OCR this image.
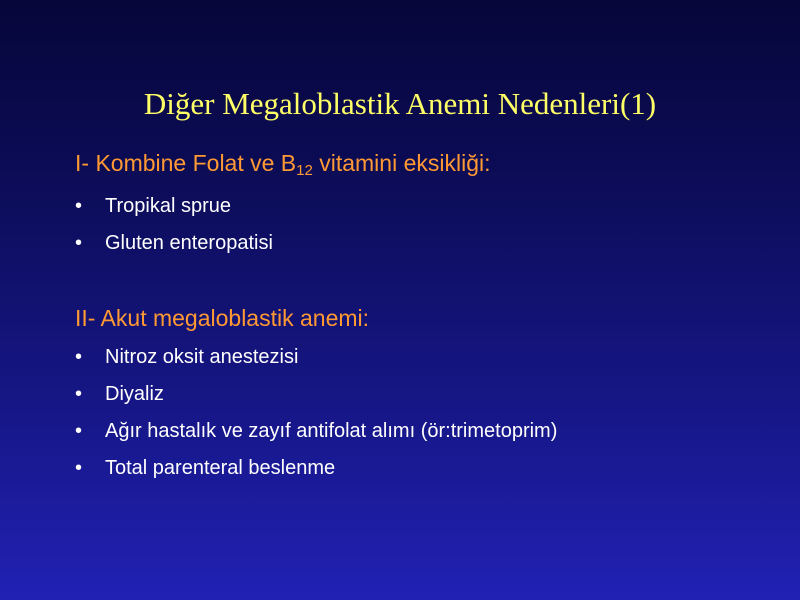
Diğer Megaloblastik Anemi Nedenleri(1)
I- Kombine Folat ve $B_{12}$ vitamini eksikliği:
•	Tropikal sprue
•	Gluten enteropatisi
II- Akut megaloblastik anemi:
•	Nitroz oksit anestezisi
•	Diyaliz
•	Ağır hastalık ve zayıf antifolat alımı (ör:trimetoprim)
•	Total parenteral beslenme
